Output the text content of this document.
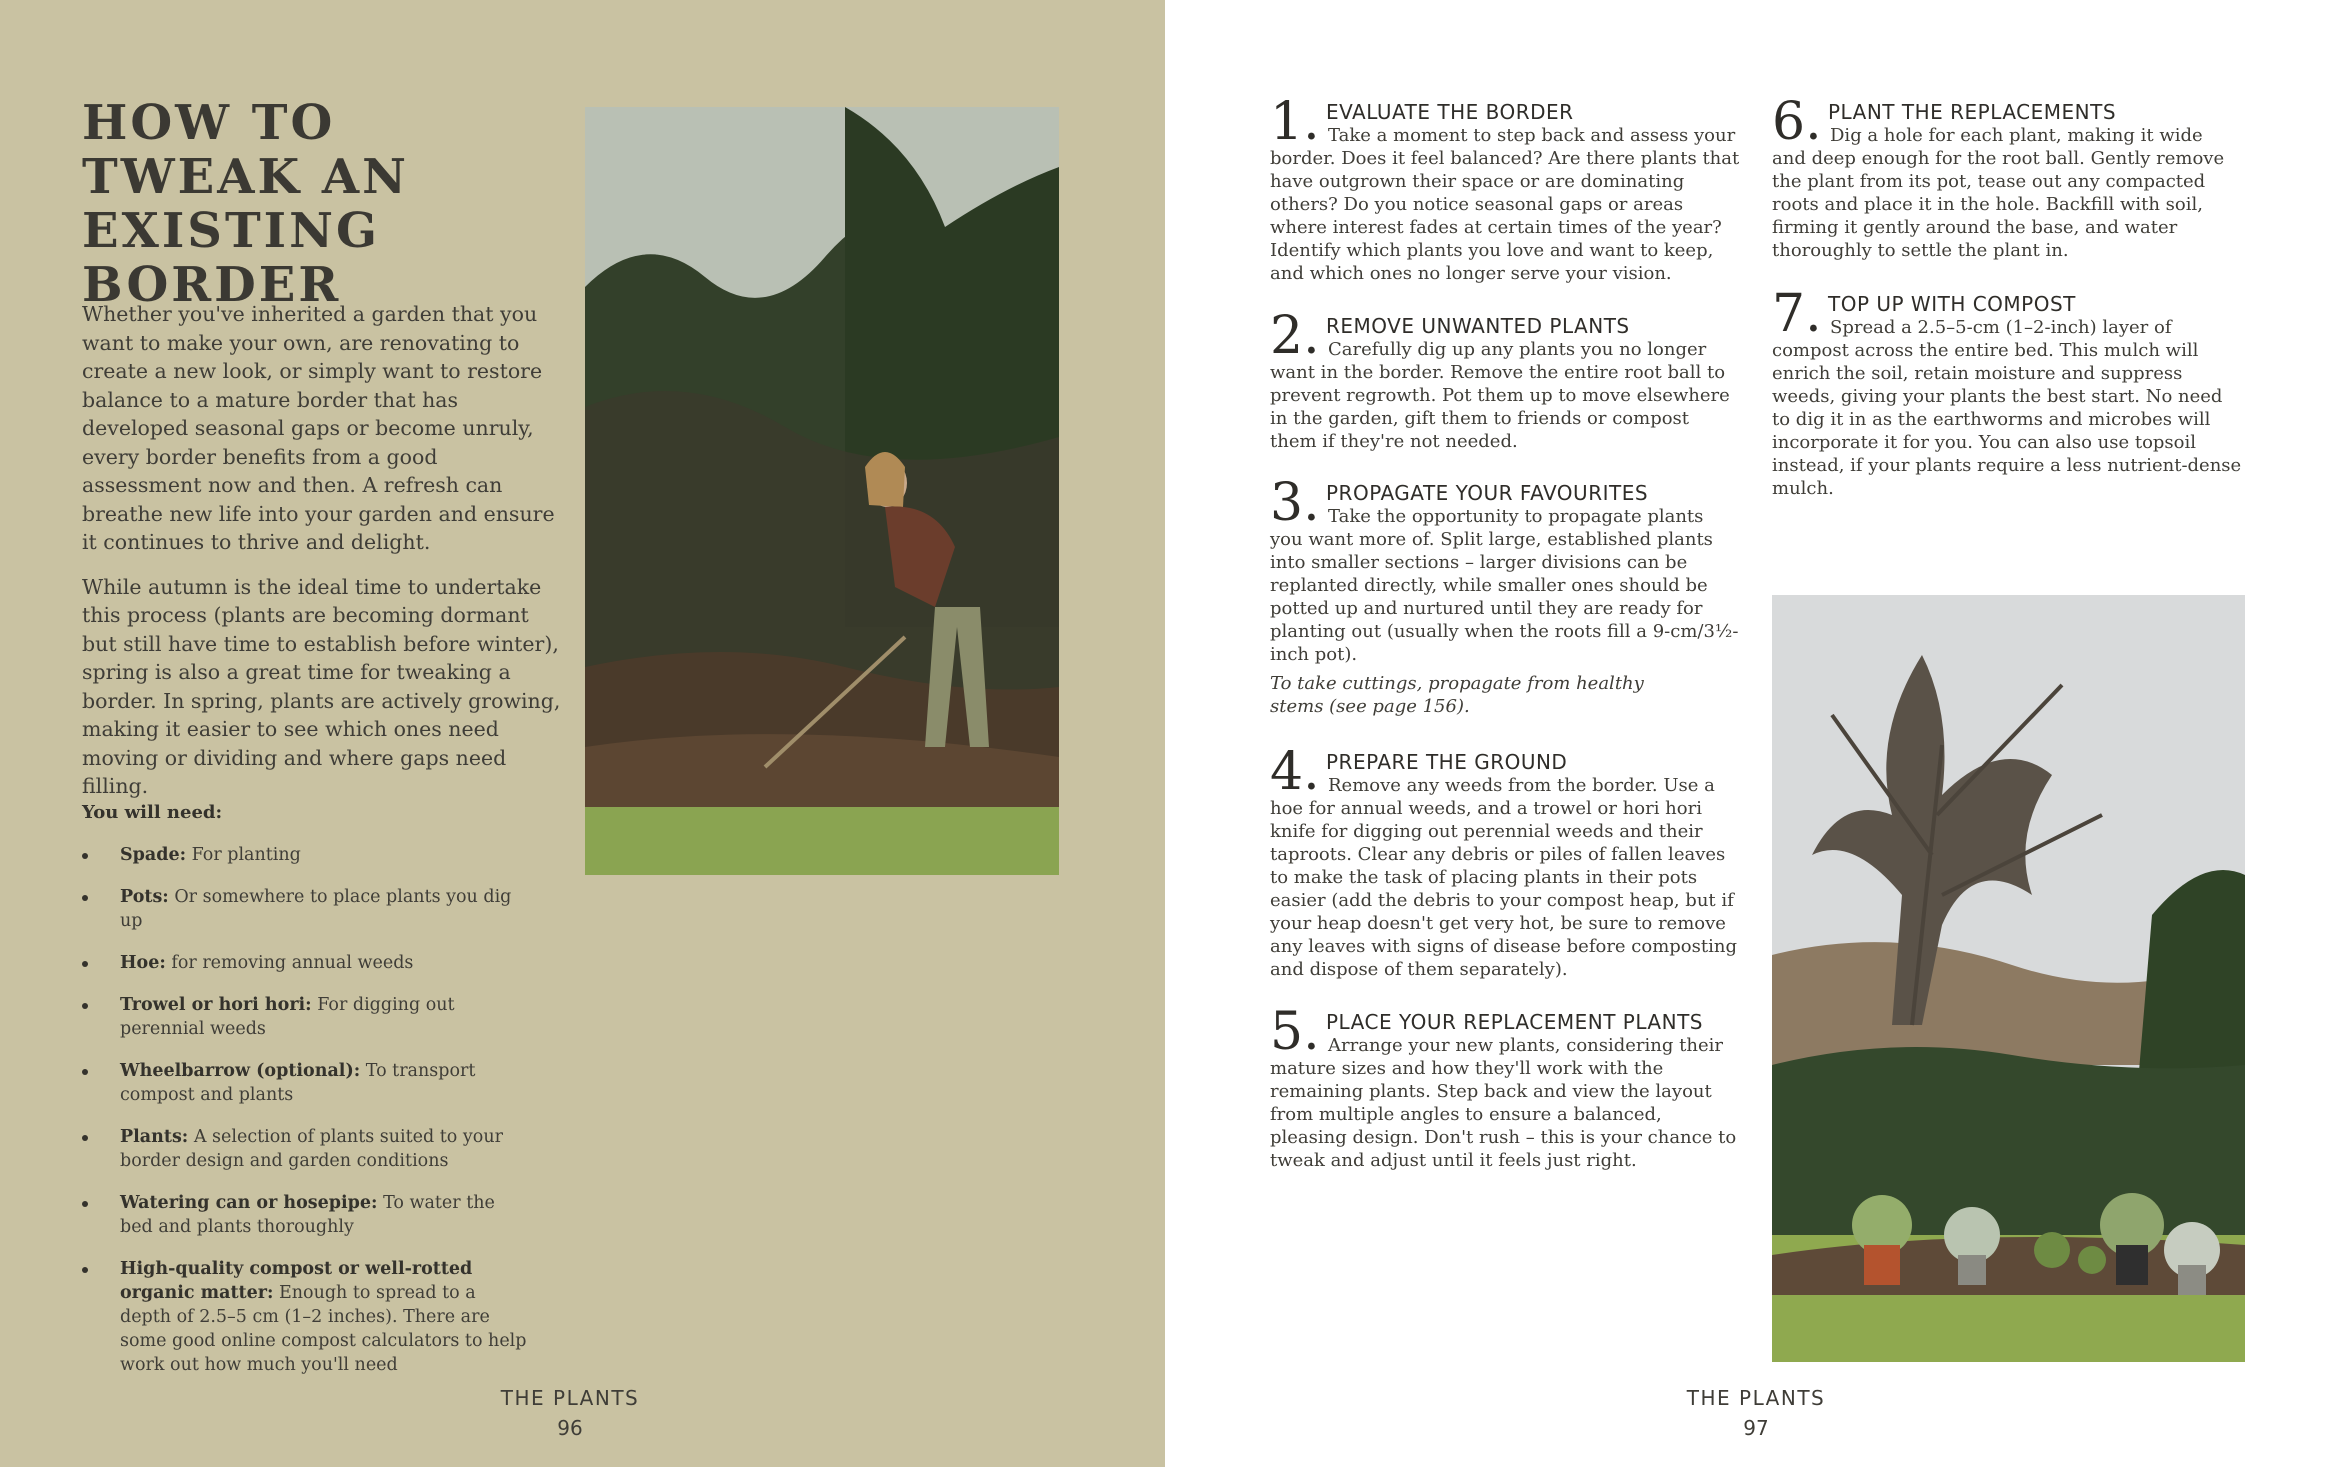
HOW TO TWEAK AN EXISTING BORDER

Whether you've inherited a garden that you want to make your own, are renovating to create a new look, or simply want to restore balance to a mature border that has developed seasonal gaps or become unruly, every border benefits from a good assessment now and then. A refresh can breathe new life into your garden and ensure it continues to thrive and delight.

While autumn is the ideal time to undertake this process (plants are becoming dormant but still have time to establish before winter), spring is also a great time for tweaking a border. In spring, plants are actively growing, making it easier to see which ones need moving or dividing and where gaps need filling.

You will need:
Spade: For planting
Pots: Or somewhere to place plants you dig up
Hoe: for removing annual weeds
Trowel or hori hori: For digging out perennial weeds
Wheelbarrow (optional): To transport compost and plants
Plants: A selection of plants suited to your border design and garden conditions
Watering can or hosepipe: To water the bed and plants thoroughly
High-quality compost or well-rotted organic matter: Enough to spread to a depth of 2.5–5 cm (1–2 inches). There are some good online compost calculators to help work out how much you'll need
THE PLANTS
96
1. EVALUATE THE BORDER

Take a moment to step back and assess your border. Does it feel balanced? Are there plants that have outgrown their space or are dominating others? Do you notice seasonal gaps or areas where interest fades at certain times of the year? Identify which plants you love and want to keep, and which ones no longer serve your vision.

2. REMOVE UNWANTED PLANTS

Carefully dig up any plants you no longer want in the border. Remove the entire root ball to prevent regrowth. Pot them up to move elsewhere in the garden, gift them to friends or compost them if they're not needed.

3. PROPAGATE YOUR FAVOURITES

Take the opportunity to propagate plants you want more of. Split large, established plants into smaller sections – larger divisions can be replanted directly, while smaller ones should be potted up and nurtured until they are ready for planting out (usually when the roots fill a 9-cm/3½-inch pot).

To take cuttings, propagate from healthy stems (see page 156).
4. PREPARE THE GROUND

Remove any weeds from the border. Use a hoe for annual weeds, and a trowel or hori hori knife for digging out perennial weeds and their taproots. Clear any debris or piles of fallen leaves to make the task of placing plants in their pots easier (add the debris to your compost heap, but if your heap doesn't get very hot, be sure to remove any leaves with signs of disease before composting and dispose of them separately).

5. PLACE YOUR REPLACEMENT PLANTS

Arrange your new plants, considering their mature sizes and how they'll work with the remaining plants. Step back and view the layout from multiple angles to ensure a balanced, pleasing design. Don't rush – this is your chance to tweak and adjust until it feels just right.

6. PLANT THE REPLACEMENTS

Dig a hole for each plant, making it wide and deep enough for the root ball. Gently remove the plant from its pot, tease out any compacted roots and place it in the hole. Backfill with soil, firming it gently around the base, and water thoroughly to settle the plant in.

7. TOP UP WITH COMPOST

Spread a 2.5–5-cm (1–2-inch) layer of compost across the entire bed. This mulch will enrich the soil, retain moisture and suppress weeds, giving your plants the best start. No need to dig it in as the earthworms and microbes will incorporate it for you. You can also use topsoil instead, if your plants require a less nutrient-dense mulch.

THE PLANTS
97
